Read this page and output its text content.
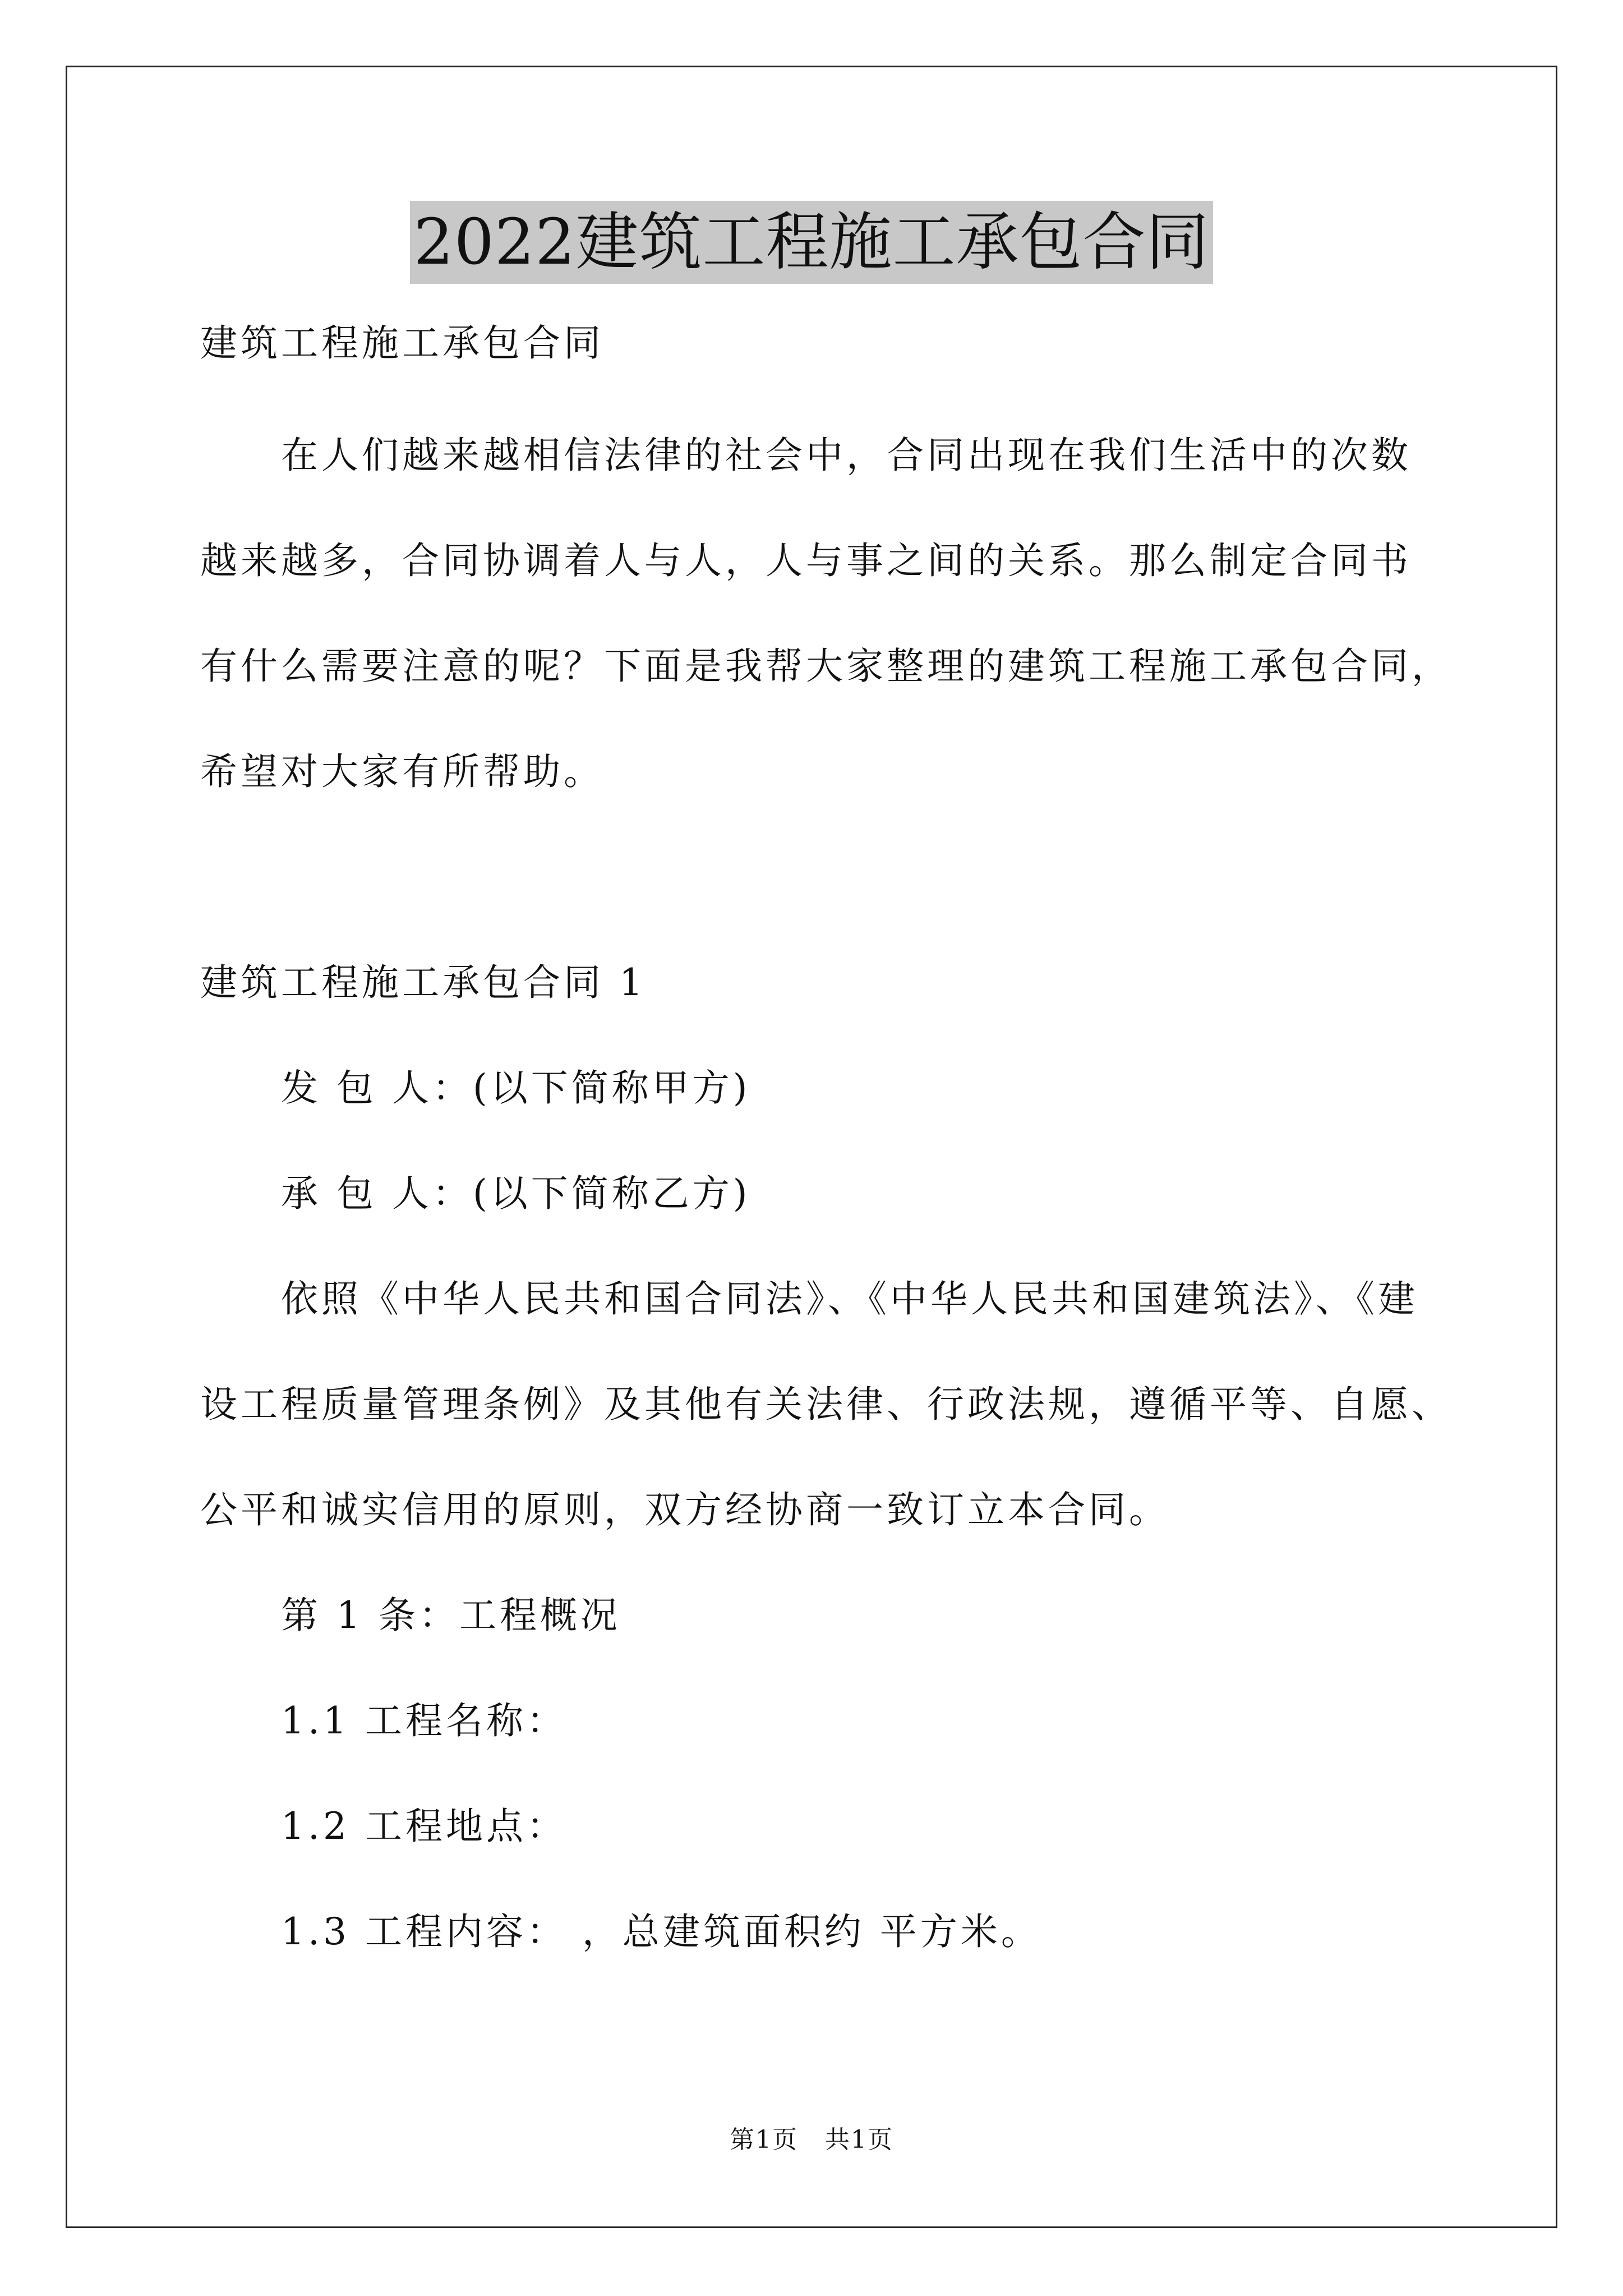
2022建筑工程施工承包合同
建筑工程施工承包合同
在人们越来越相信法律的社会中，合同出现在我们生活中的次数
越来越多，合同协调着人与人，人与事之间的关系。那么制定合同书
有什么需要注意的呢？下面是我帮大家整理的建筑工程施工承包合同，
希望对大家有所帮助。
建筑工程施工承包合同 1
发 包 人：(以下简称甲方)
承 包 人：(以下简称乙方)
依照《中华人民共和国合同法》、《中华人民共和国建筑法》、《建
设工程质量管理条例》及其他有关法律、行政法规，遵循平等、自愿、
公平和诚实信用的原则，双方经协商一致订立本合同。
第 1 条：工程概况
1.1 工程名称：
1.2 工程地点：
1.3 工程内容： ，总建筑面积约 平方米。
第1页 共1页
